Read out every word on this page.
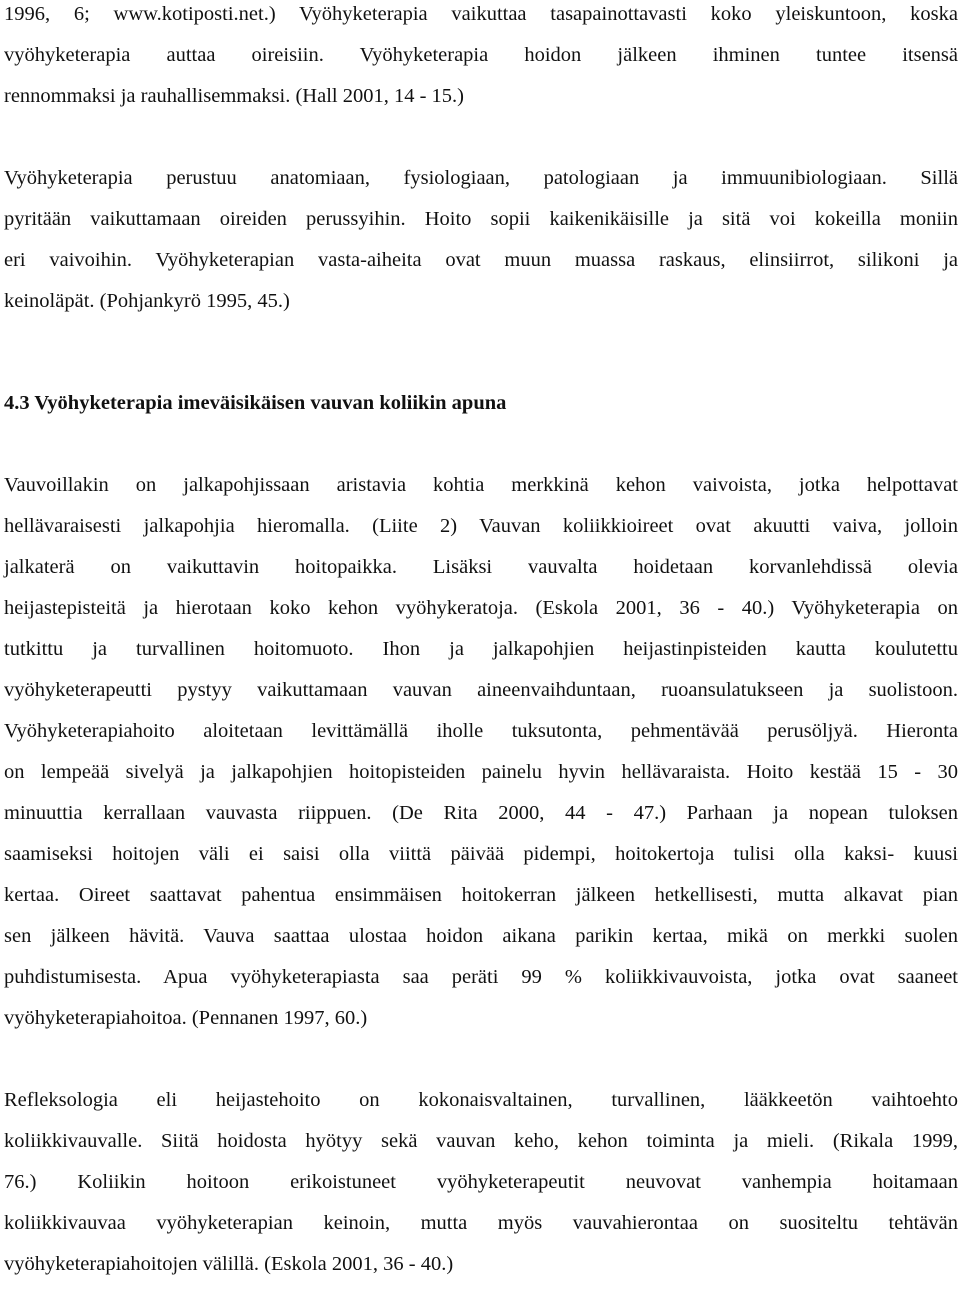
1996, 6; www.kotiposti.net.) Vyöhyketerapia vaikuttaa tasapainottavasti koko yleiskuntoon, koska
vyöhyketerapia auttaa oireisiin. Vyöhyketerapia hoidon jälkeen ihminen tuntee itsensä
rennommaksi ja rauhallisemmaksi. (Hall 2001, 14 - 15.)
Vyöhyketerapia perustuu anatomiaan, fysiologiaan, patologiaan ja immuunibiologiaan. Sillä
pyritään vaikuttamaan oireiden perussyihin. Hoito sopii kaikenikäisille ja sitä voi kokeilla moniin
eri vaivoihin. Vyöhyketerapian vasta-aiheita ovat muun muassa raskaus, elinsiirrot, silikoni ja
keinoläpät. (Pohjankyrö 1995, 45.)
4.3 Vyöhyketerapia imeväisikäisen vauvan koliikin apuna
Vauvoillakin on jalkapohjissaan aristavia kohtia merkkinä kehon vaivoista, jotka helpottavat
hellävaraisesti jalkapohjia hieromalla. (Liite 2) Vauvan koliikkioireet ovat akuutti vaiva, jolloin
jalkaterä on vaikuttavin hoitopaikka. Lisäksi vauvalta hoidetaan korvanlehdissä olevia
heijastepisteitä ja hierotaan koko kehon vyöhykeratoja. (Eskola 2001, 36 - 40.) Vyöhyketerapia on
tutkittu ja turvallinen hoitomuoto. Ihon ja jalkapohjien heijastinpisteiden kautta koulutettu
vyöhyketerapeutti pystyy vaikuttamaan vauvan aineenvaihduntaan, ruoansulatukseen ja suolistoon.
Vyöhyketerapiahoito aloitetaan levittämällä iholle tuksutonta, pehmentävää perusöljyä. Hieronta
on lempeää sivelyä ja jalkapohjien hoitopisteiden painelu hyvin hellävaraista. Hoito kestää 15 - 30
minuuttia kerrallaan vauvasta riippuen. (De Rita 2000, 44 - 47.) Parhaan ja nopean tuloksen
saamiseksi hoitojen väli ei saisi olla viittä päivää pidempi, hoitokertoja tulisi olla kaksi- kuusi
kertaa. Oireet saattavat pahentua ensimmäisen hoitokerran jälkeen hetkellisesti, mutta alkavat pian
sen jälkeen hävitä. Vauva saattaa ulostaa hoidon aikana parikin kertaa, mikä on merkki suolen
puhdistumisesta. Apua vyöhyketerapiasta saa peräti 99 % koliikkivauvoista, jotka ovat saaneet
vyöhyketerapiahoitoa. (Pennanen 1997, 60.)
Refleksologia eli heijastehoito on kokonaisvaltainen, turvallinen, lääkkeetön vaihtoehto
koliikkivauvalle. Siitä hoidosta hyötyy sekä vauvan keho, kehon toiminta ja mieli. (Rikala 1999,
76.) Koliikin hoitoon erikoistuneet vyöhyketerapeutit neuvovat vanhempia hoitamaan
koliikkivauvaa vyöhyketerapian keinoin, mutta myös vauvahierontaa on suositeltu tehtävän
vyöhyketerapiahoitojen välillä. (Eskola 2001, 36 - 40.)
